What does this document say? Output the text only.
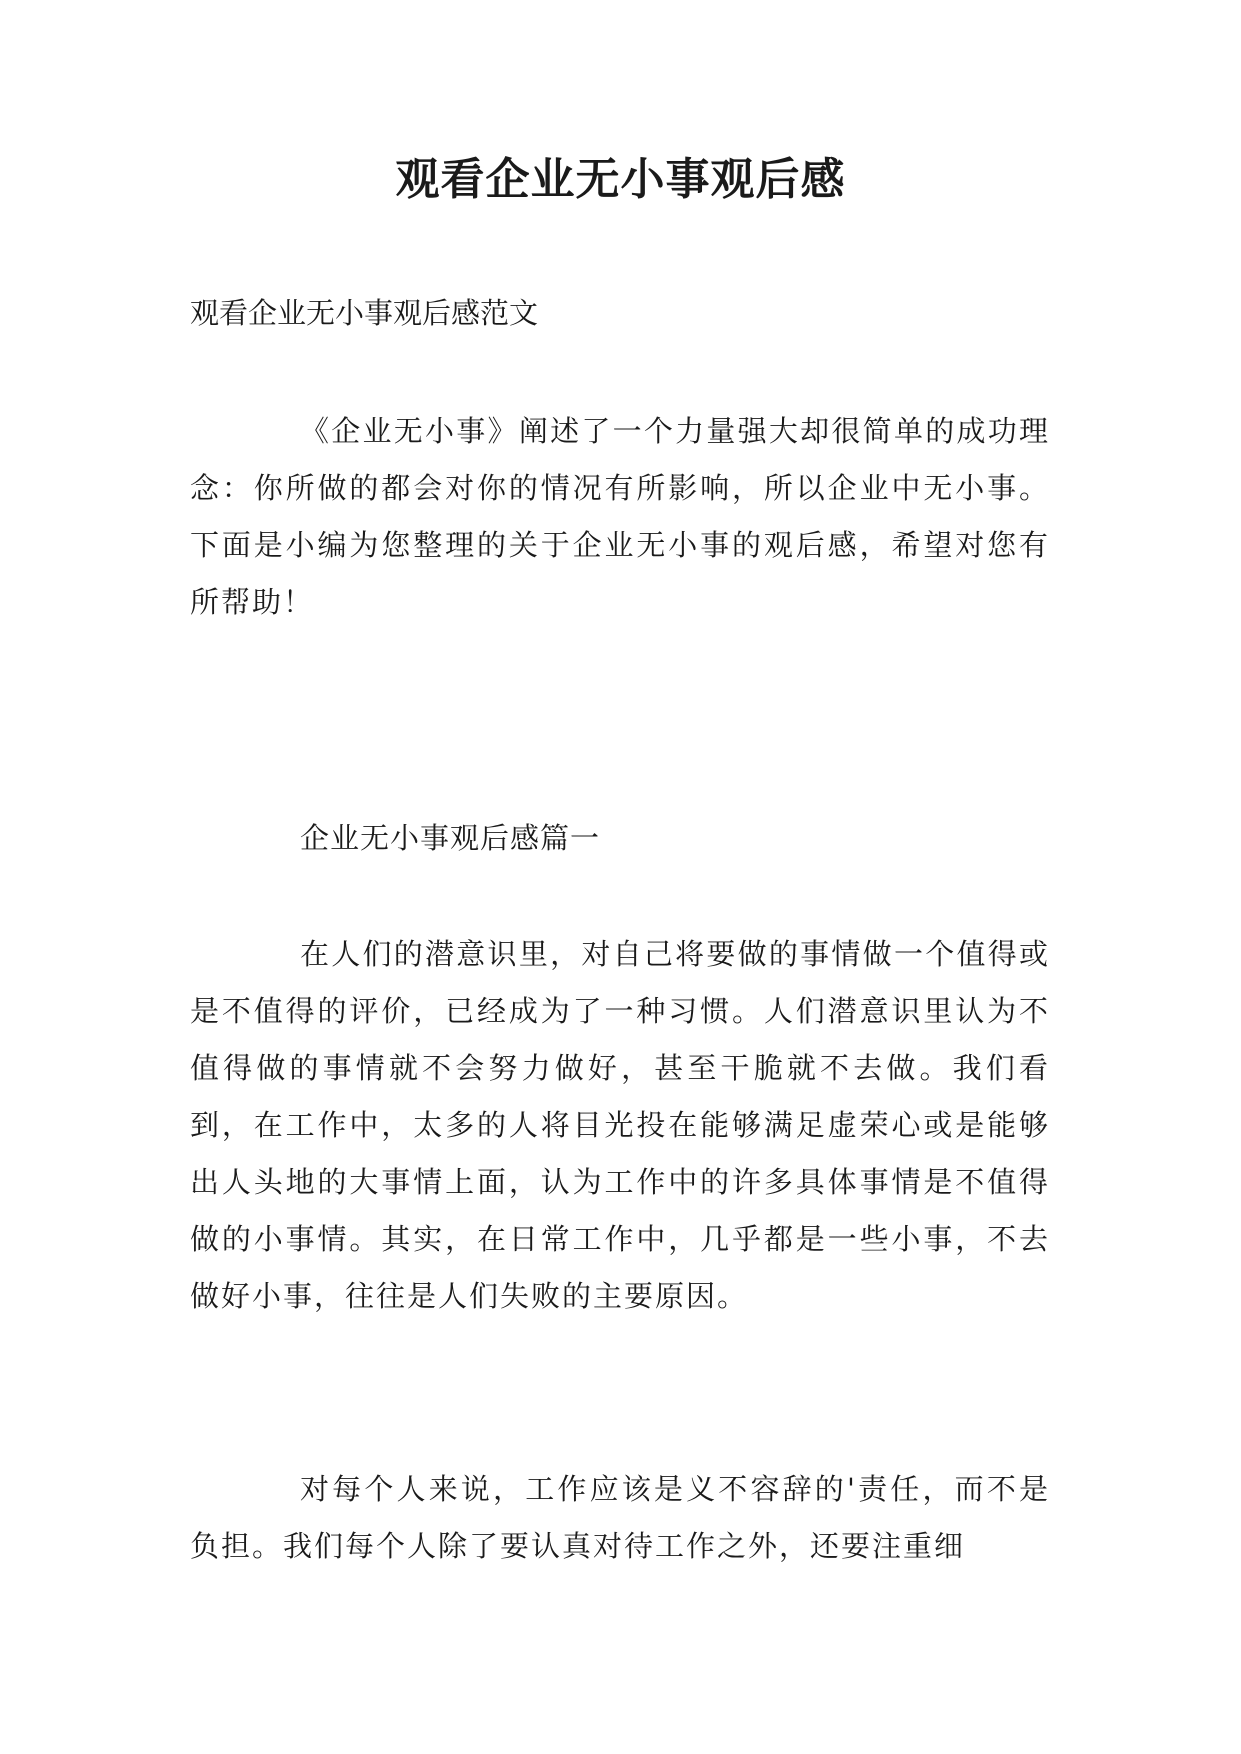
观看企业无小事观后感
观看企业无小事观后感范文
《企业无小事》阐述了一个力量强大却很简单的成功理念：你所做的都会对你的情况有所影响，所以企业中无小事。下面是小编为您整理的关于企业无小事的观后感，希望对您有所帮助！
企业无小事观后感篇一
在人们的潜意识里，对自己将要做的事情做一个值得或是不值得的评价，已经成为了一种习惯。人们潜意识里认为不值得做的事情就不会努力做好，甚至干脆就不去做。我们看到，在工作中，太多的人将目光投在能够满足虚荣心或是能够出人头地的大事情上面，认为工作中的许多具体事情是不值得做的小事情。其实，在日常工作中，几乎都是一些小事，不去做好小事，往往是人们失败的主要原因。
对每个人来说，工作应该是义不容辞的'责任，而不是负担。我们每个人除了要认真对待工作之外，还要注重细
